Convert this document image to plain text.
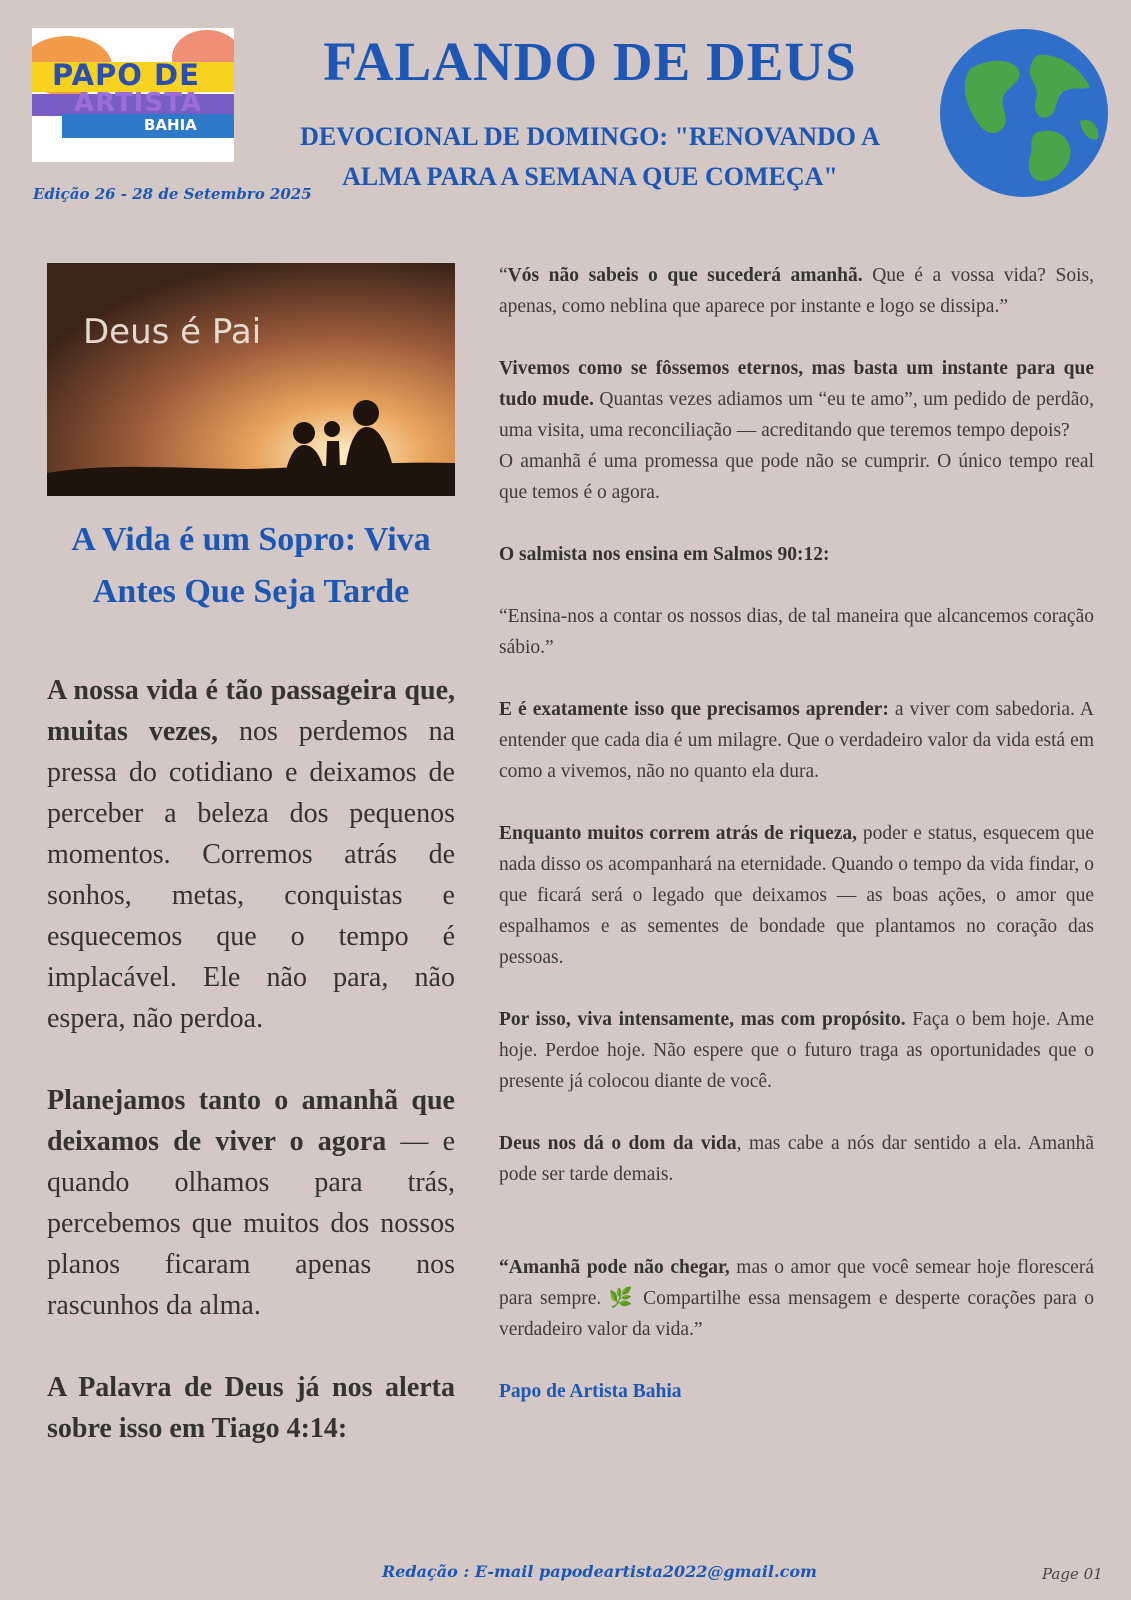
PAPO DE
ARTISTA
BAHIA
FALANDO DE DEUS
DEVOCIONAL DE DOMINGO: "RENOVANDO A ALMA PARA A SEMANA QUE COMEÇA"
Edição 26 - 28 de Setembro 2025
Deus é Pai
A Vida é um Sopro: Viva Antes Que Seja Tarde

A nossa vida é tão passageira que, muitas vezes, nos perdemos na pressa do cotidiano e deixamos de perceber a beleza dos pequenos momentos. Corremos atrás de sonhos, metas, conquistas e esquecemos que o tempo é implacável. Ele não para, não espera, não perdoa.

Planejamos tanto o amanhã que deixamos de viver o agora — e quando olhamos para trás, percebemos que muitos dos nossos planos ficaram apenas nos rascunhos da alma.

A Palavra de Deus já nos alerta sobre isso em Tiago 4:14:

“Vós não sabeis o que sucederá amanhã. Que é a vossa vida? Sois, apenas, como neblina que aparece por instante e logo se dissipa.”

Vivemos como se fôssemos eternos, mas basta um instante para que tudo mude. Quantas vezes adiamos um “eu te amo”, um pedido de perdão, uma visita, uma reconciliação — acreditando que teremos tempo depois?
O amanhã é uma promessa que pode não se cumprir. O único tempo real que temos é o agora.

O salmista nos ensina em Salmos 90:12:

“Ensina-nos a contar os nossos dias, de tal maneira que alcancemos coração sábio.”

E é exatamente isso que precisamos aprender: a viver com sabedoria. A entender que cada dia é um milagre. Que o verdadeiro valor da vida está em como a vivemos, não no quanto ela dura.

Enquanto muitos correm atrás de riqueza, poder e status, esquecem que nada disso os acompanhará na eternidade. Quando o tempo da vida findar, o que ficará será o legado que deixamos — as boas ações, o amor que espalhamos e as sementes de bondade que plantamos no coração das pessoas.

Por isso, viva intensamente, mas com propósito. Faça o bem hoje. Ame hoje. Perdoe hoje. Não espere que o futuro traga as oportunidades que o presente já colocou diante de você.

Deus nos dá o dom da vida, mas cabe a nós dar sentido a ela. Amanhã pode ser tarde demais.

“Amanhã pode não chegar, mas o amor que você semear hoje florescerá para sempre. 🌿 Compartilhe essa mensagem e desperte corações para o verdadeiro valor da vida.”

Papo de Artista Bahia

Redação : E-mail papodeartista2022@gmail.com	Page 01
